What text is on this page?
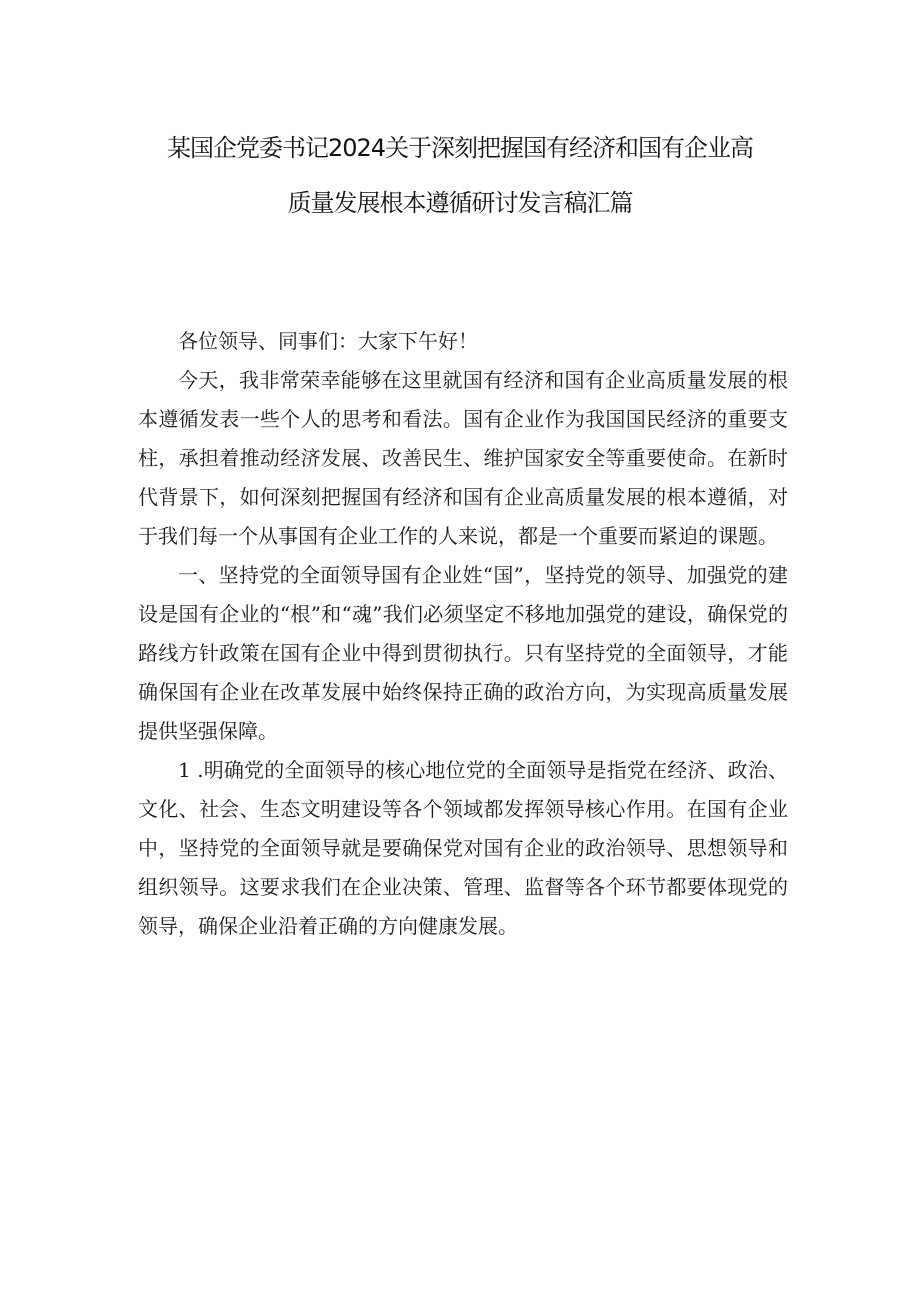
某国企党委书记2024关于深刻把握国有经济和国有企业高
质量发展根本遵循研讨发言稿汇篇

各位领导、同事们：大家下午好！

今天，我非常荣幸能够在这里就国有经济和国有企业高质量发展的根本遵循发表一些个人的思考和看法。国有企业作为我国国民经济的重要支柱，承担着推动经济发展、改善民生、维护国家安全等重要使命。在新时代背景下，如何深刻把握国有经济和国有企业高质量发展的根本遵循，对于我们每一个从事国有企业工作的人来说，都是一个重要而紧迫的课题。

一、坚持党的全面领导国有企业姓“国”，坚持党的领导、加强党的建设是国有企业的“根”和“魂”我们必须坚定不移地加强党的建设，确保党的路线方针政策在国有企业中得到贯彻执行。只有坚持党的全面领导，才能确保国有企业在改革发展中始终保持正确的政治方向，为实现高质量发展提供坚强保障。

1 .明确党的全面领导的核心地位党的全面领导是指党在经济、政治、文化、社会、生态文明建设等各个领域都发挥领导核心作用。在国有企业中，坚持党的全面领导就是要确保党对国有企业的政治领导、思想领导和组织领导。这要求我们在企业决策、管理、监督等各个环节都要体现党的领导，确保企业沿着正确的方向健康发展。
